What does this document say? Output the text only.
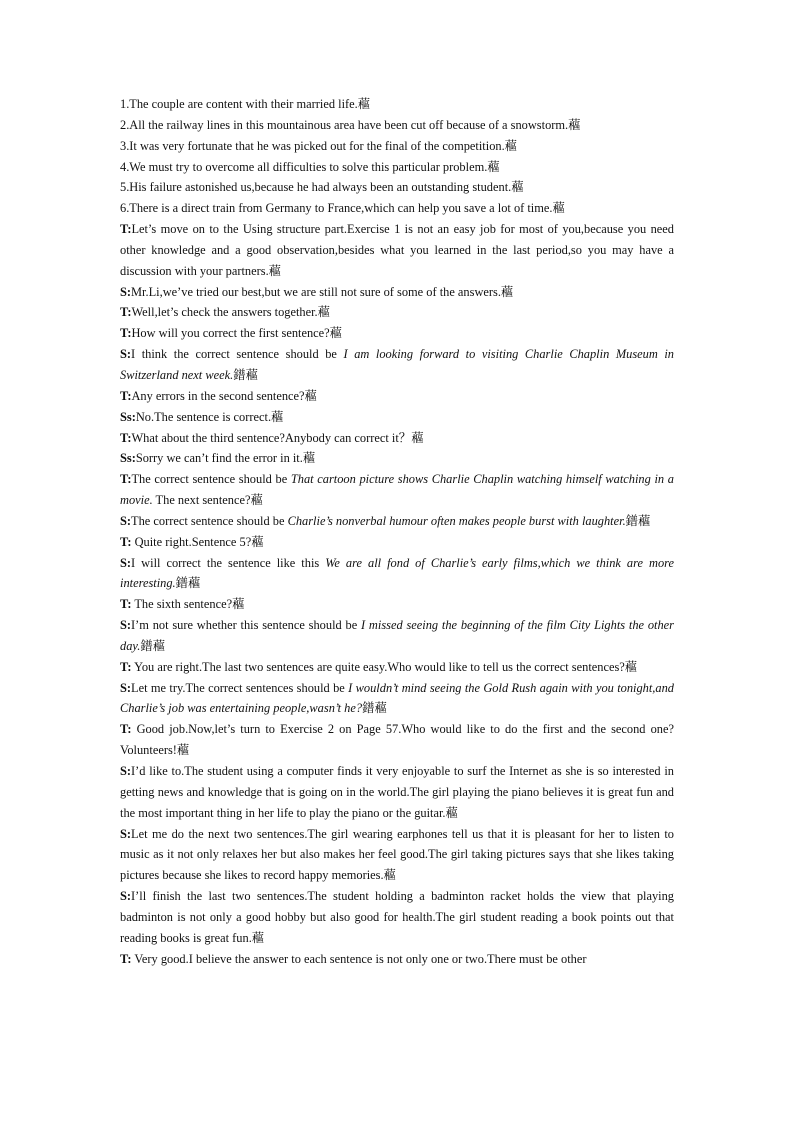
1.The couple are content with their married life.藲
2.All the railway lines in this mountainous area have been cut off because of a snowstorm.藲
3.It was very fortunate that he was picked out for the final of the competition.藲
4.We must try to overcome all difficulties to solve this particular problem.藲
5.His failure astonished us,because he had always been an outstanding student.藲
6.There is a direct train from Germany to France,which can help you save a lot of time.藲
T:Let’s move on to the Using structure part.Exercise 1 is not an easy job for most of you,because you need other knowledge and a good observation,besides what you learned in the last period,so you may have a discussion with your partners.藲
S:Mr.Li,we’ve tried our best,but we are still not sure of some of the answers.藲
T:Well,let’s check the answers together.藲
T:How will you correct the first sentence?藲
S:I think the correct sentence should be I am looking forward to visiting Charlie Chaplin Museum in Switzerland next week.鐠藲
T:Any errors in the second sentence?藲
Ss:No.The sentence is correct.藲
T:What about the third sentence?Anybody can correct it？藲
Ss:Sorry we can’t find the error in it.藲
T:The correct sentence should be That cartoon picture shows Charlie Chaplin watching himself watching in a movie. The next sentence?藲
S:The correct sentence should be Charlie’s nonverbal humour often makes people burst with laughter.鐠藲
T: Quite right.Sentence 5?藲
S:I will correct the sentence like this We are all fond of Charlie’s early films,which we think are more interesting.鐠藲
T: The sixth sentence?藲
S:I’m not sure whether this sentence should be I missed seeing the beginning of the film City Lights the other day.鐠藲
T: You are right.The last two sentences are quite easy.Who would like to tell us the correct sentences?藲
S:Let me try.The correct sentences should be I wouldn’t mind seeing the Gold Rush again with you tonight,and Charlie’s job was entertaining people,wasn’t he?鐠藲
T: Good job.Now,let’s turn to Exercise 2 on Page 57.Who would like to do the first and the second one?Volunteers!藲
S:I’d like to.The student using a computer finds it very enjoyable to surf the Internet as she is so interested in getting news and knowledge that is going on in the world.The girl playing the piano believes it is great fun and the most important thing in her life to play the piano or the guitar.藲
S:Let me do the next two sentences.The girl wearing earphones tell us that it is pleasant for her to listen to music as it not only relaxes her but also makes her feel good.The girl taking pictures says that she likes taking pictures because she likes to record happy memories.藲
S:I’ll finish the last two sentences.The student holding a badminton racket holds the view that playing badminton is not only a good hobby but also good for health.The girl student reading a book points out that reading books is great fun.藲
T: Very good.I believe the answer to each sentence is not only one or two.There must be other
